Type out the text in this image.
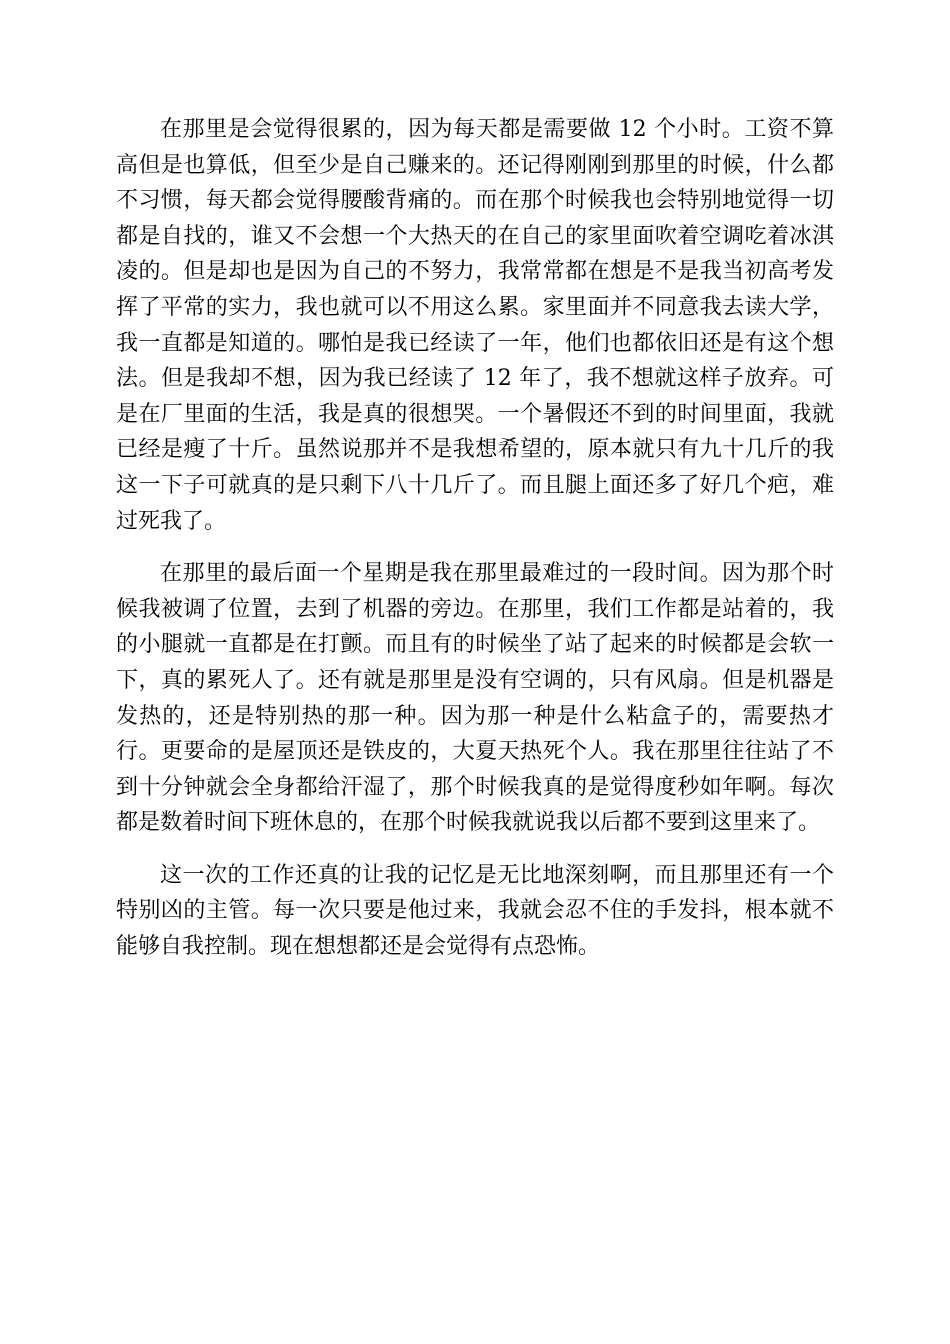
在那里是会觉得很累的，因为每天都是需要做 12 个小时。工资不算
高但是也算低，但至少是自己赚来的。还记得刚刚到那里的时候，什么都
不习惯，每天都会觉得腰酸背痛的。而在那个时候我也会特别地觉得一切
都是自找的，谁又不会想一个大热天的在自己的家里面吹着空调吃着冰淇
凌的。但是却也是因为自己的不努力，我常常都在想是不是我当初高考发
挥了平常的实力，我也就可以不用这么累。家里面并不同意我去读大学，
我一直都是知道的。哪怕是我已经读了一年，他们也都依旧还是有这个想
法。但是我却不想，因为我已经读了 12 年了，我不想就这样子放弃。可
是在厂里面的生活，我是真的很想哭。一个暑假还不到的时间里面，我就
已经是瘦了十斤。虽然说那并不是我想希望的，原本就只有九十几斤的我
这一下子可就真的是只剩下八十几斤了。而且腿上面还多了好几个疤，难
过死我了。
在那里的最后面一个星期是我在那里最难过的一段时间。因为那个时
候我被调了位置，去到了机器的旁边。在那里，我们工作都是站着的，我
的小腿就一直都是在打颤。而且有的时候坐了站了起来的时候都是会软一
下，真的累死人了。还有就是那里是没有空调的，只有风扇。但是机器是
发热的，还是特别热的那一种。因为那一种是什么粘盒子的，需要热才
行。更要命的是屋顶还是铁皮的，大夏天热死个人。我在那里往往站了不
到十分钟就会全身都给汗湿了，那个时候我真的是觉得度秒如年啊。每次
都是数着时间下班休息的，在那个时候我就说我以后都不要到这里来了。
这一次的工作还真的让我的记忆是无比地深刻啊，而且那里还有一个
特别凶的主管。每一次只要是他过来，我就会忍不住的手发抖，根本就不
能够自我控制。现在想想都还是会觉得有点恐怖。
